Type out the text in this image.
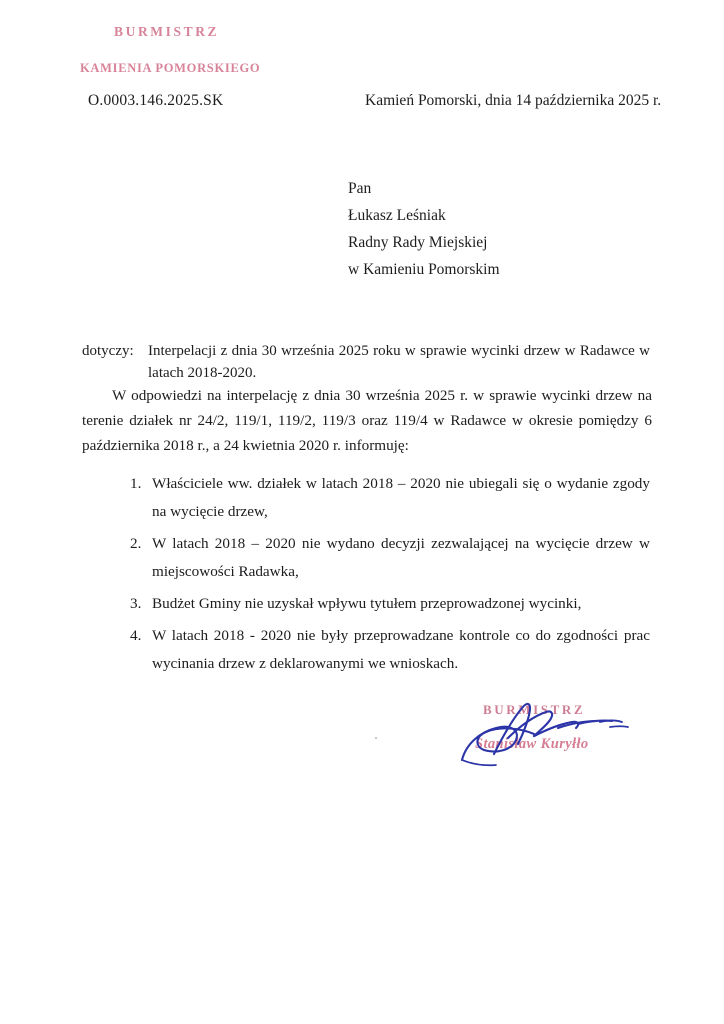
BURMISTRZ
KAMIENIA POMORSKIEGO
O.0003.146.2025.SK	Kamień Pomorski, dnia 14 października 2025 r.
Pan
Łukasz Leśniak
Radny Rady Miejskiej
w Kamieniu Pomorskim
dotyczy: Interpelacji z dnia 30 września 2025 roku w sprawie wycinki drzew w Radawce w latach 2018-2020.
W odpowiedzi na interpelację z dnia 30 września 2025 r. w sprawie wycinki drzew na terenie działek nr 24/2, 119/1, 119/2, 119/3 oraz 119/4 w Radawce w okresie pomiędzy 6 października 2018 r., a 24 kwietnia 2020 r. informuję:
1. Właściciele ww. działek w latach 2018 – 2020 nie ubiegali się o wydanie zgody na wycięcie drzew,
2. W latach 2018 – 2020 nie wydano decyzji zezwalającej na wycięcie drzew w miejscowości Radawka,
3. Budżet Gminy nie uzyskał wpływu tytułem przeprowadzonej wycinki,
4. W latach 2018 - 2020 nie były przeprowadzane kontrole co do zgodności prac wycinania drzew z deklarowanymi we wnioskach.
BURMISTRZ
Stanisław Kuryłło
